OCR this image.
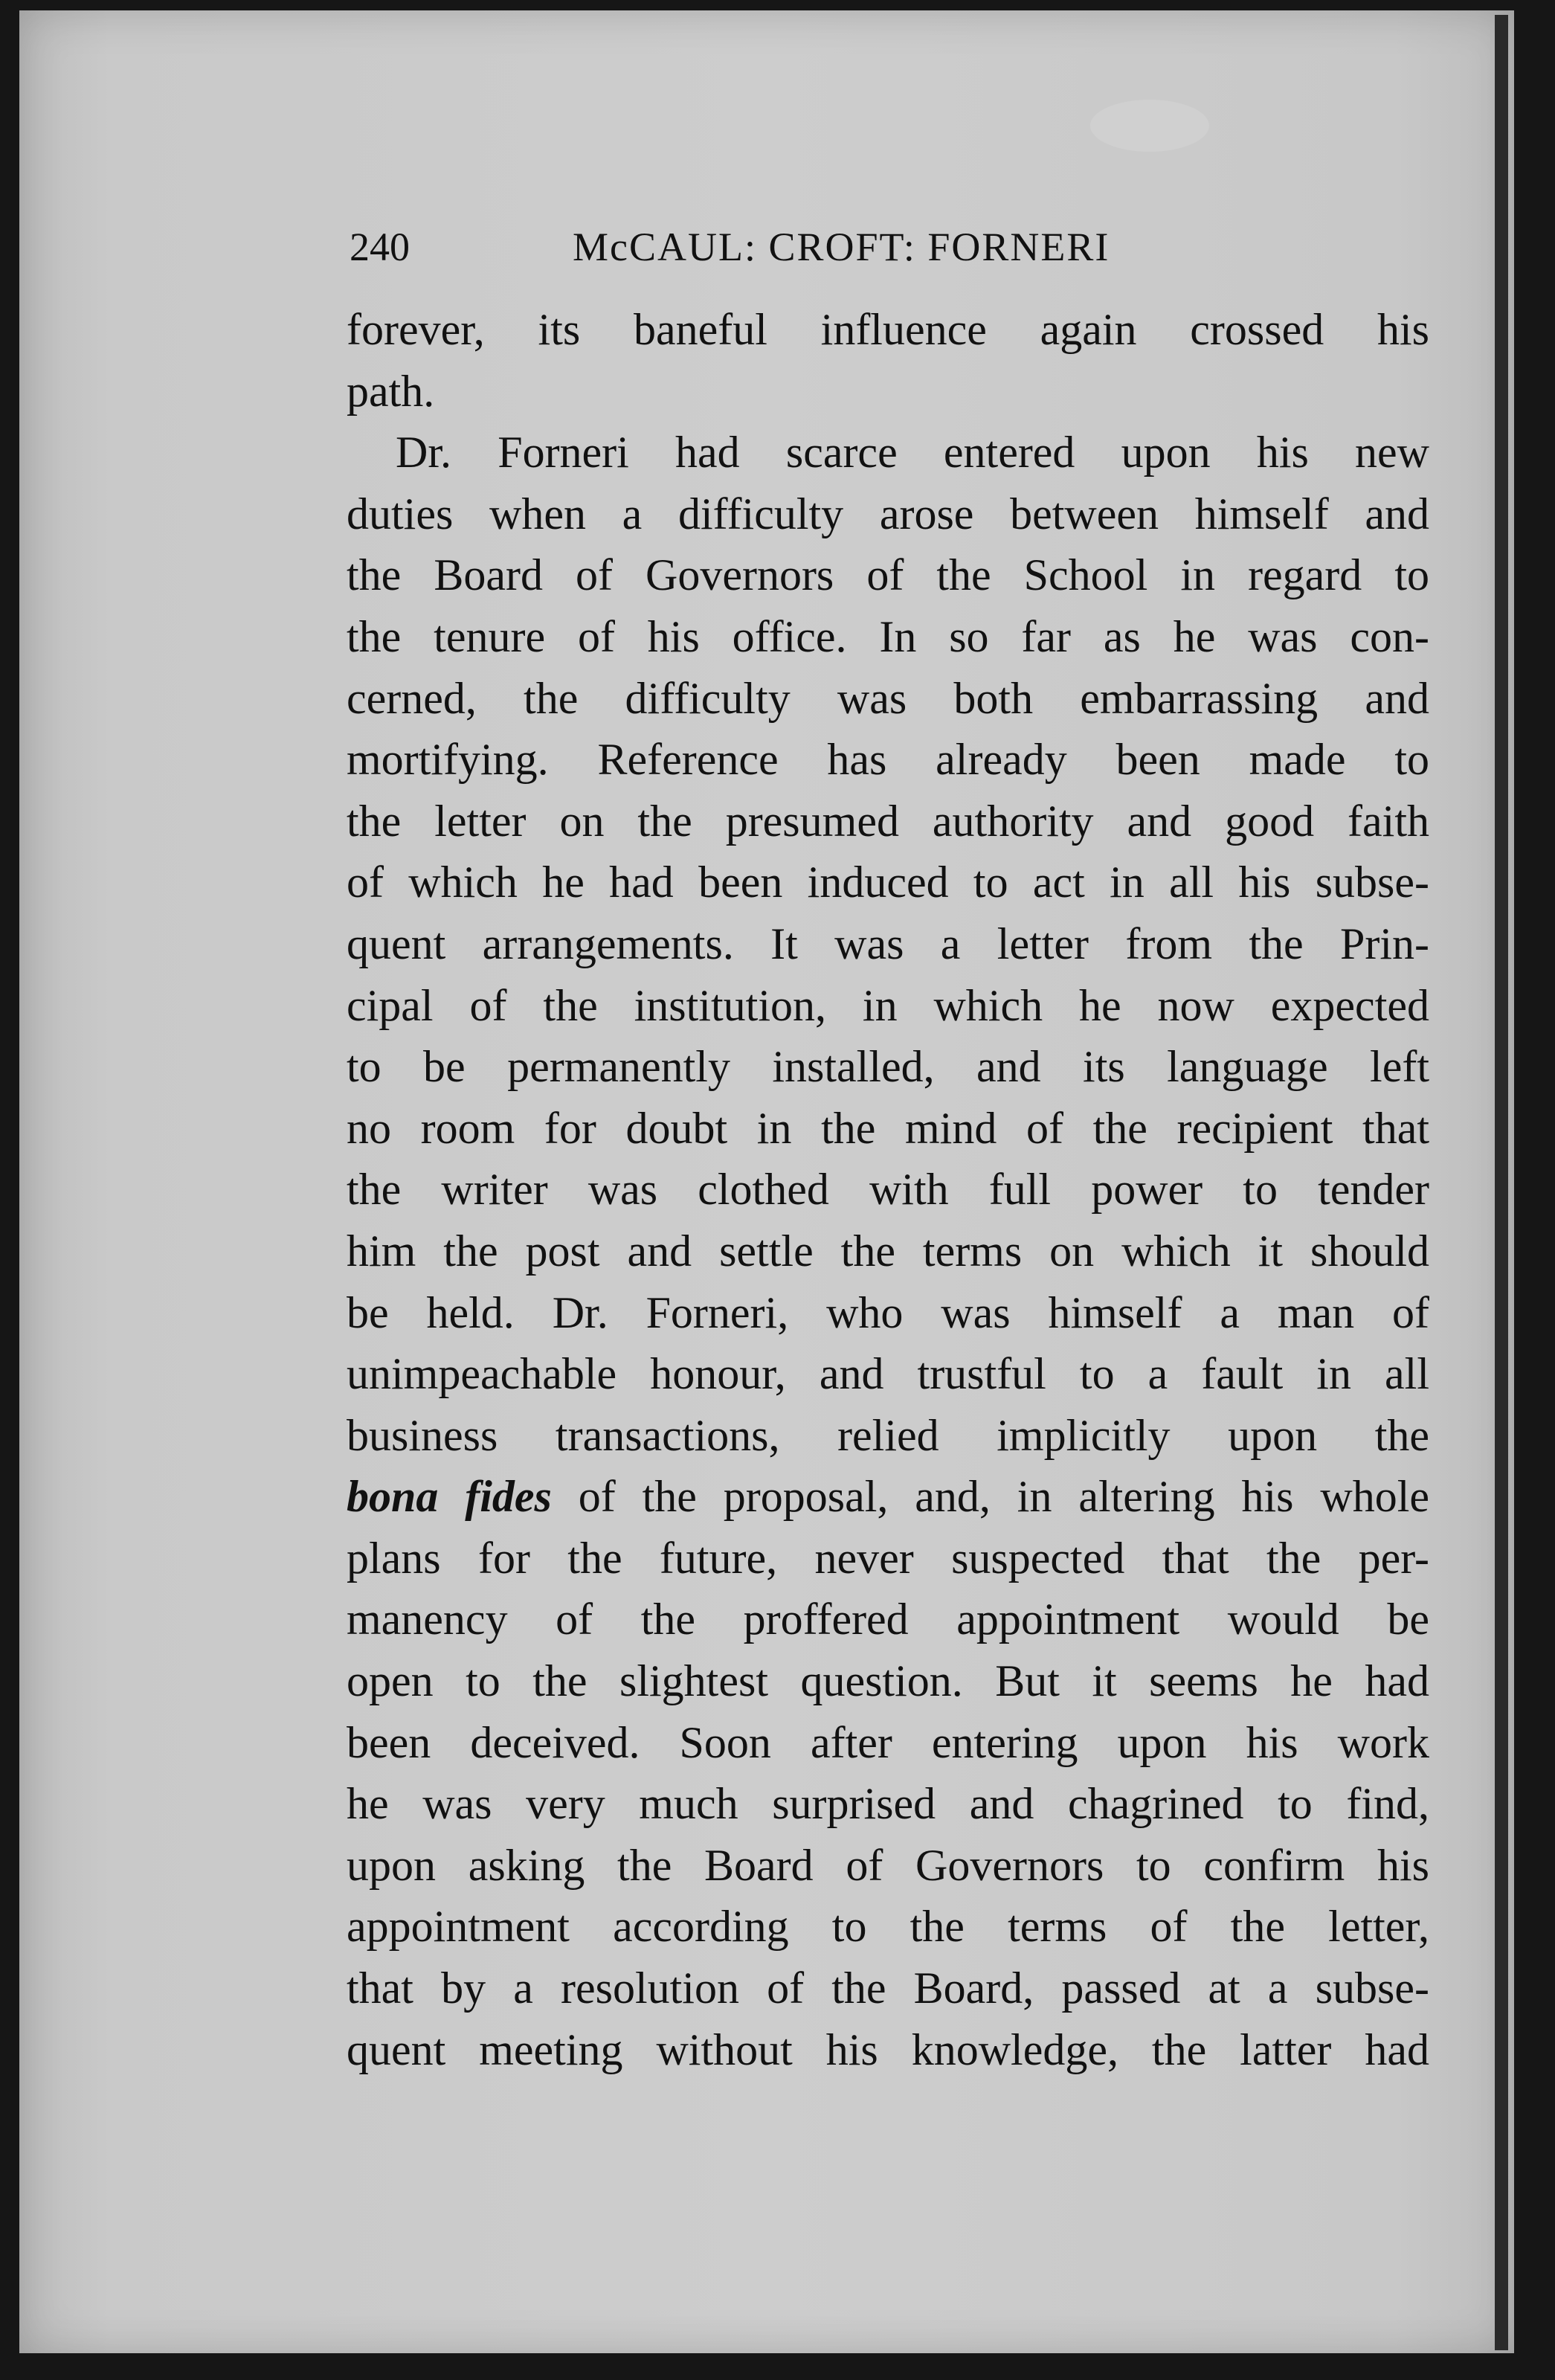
240	McCAUL: CROFT: FORNERI
forever, its baneful influence again crossed his
path.
Dr. Forneri had scarce entered upon his new
duties when a difficulty arose between himself and
the Board of Governors of the School in regard to
the tenure of his office. In so far as he was con-
cerned, the difficulty was both embarrassing and
mortifying. Reference has already been made to
the letter on the presumed authority and good faith
of which he had been induced to act in all his subse-
quent arrangements. It was a letter from the Prin-
cipal of the institution, in which he now expected
to be permanently installed, and its language left
no room for doubt in the mind of the recipient that
the writer was clothed with full power to tender
him the post and settle the terms on which it should
be held. Dr. Forneri, who was himself a man of
unimpeachable honour, and trustful to a fault in all
business transactions, relied implicitly upon the
bona fides of the proposal, and, in altering his whole
plans for the future, never suspected that the per-
manency of the proffered appointment would be
open to the slightest question. But it seems he had
been deceived. Soon after entering upon his work
he was very much surprised and chagrined to find,
upon asking the Board of Governors to confirm his
appointment according to the terms of the letter,
that by a resolution of the Board, passed at a subse-
quent meeting without his knowledge, the latter had
